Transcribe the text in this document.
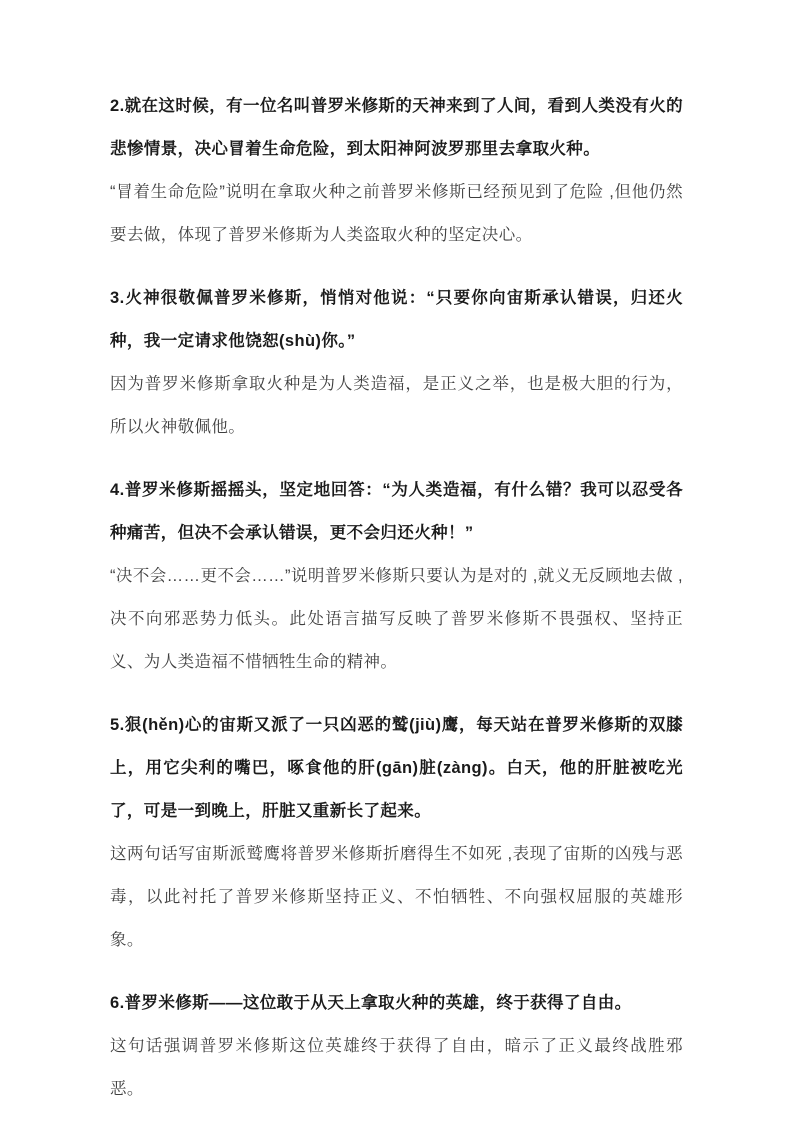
2.就在这时候，有一位名叫普罗米修斯的天神来到了人间，看到人类没有火的悲惨情景，决心冒着生命危险，到太阳神阿波罗那里去拿取火种。

“冒着生命危险”说明在拿取火种之前普罗米修斯已经预见到了危险 ,但他仍然要去做，体现了普罗米修斯为人类盗取火种的坚定决心。

3.火神很敬佩普罗米修斯，悄悄对他说：“只要你向宙斯承认错误，归还火种，我一定请求他饶恕(shù)你。”

因为普罗米修斯拿取火种是为人类造福，是正义之举，也是极大胆的行为，所以火神敬佩他。

4.普罗米修斯摇摇头，坚定地回答：“为人类造福，有什么错？我可以忍受各种痛苦，但决不会承认错误，更不会归还火种！”

“决不会……更不会……”说明普罗米修斯只要认为是对的 ,就义无反顾地去做 ,决不向邪恶势力低头。此处语言描写反映了普罗米修斯不畏强权、坚持正义、为人类造福不惜牺牲生命的精神。

5.狠(hěn)心的宙斯又派了一只凶恶的鹫(jiù)鹰，每天站在普罗米修斯的双膝上，用它尖利的嘴巴，啄食他的肝(gān)脏(zàng)。白天，他的肝脏被吃光了，可是一到晚上，肝脏又重新长了起来。

这两句话写宙斯派鹫鹰将普罗米修斯折磨得生不如死 ,表现了宙斯的凶残与恶毒，以此衬托了普罗米修斯坚持正义、不怕牺牲、不向强权屈服的英雄形象。

6.普罗米修斯——这位敢于从天上拿取火种的英雄，终于获得了自由。

这句话强调普罗米修斯这位英雄终于获得了自由，暗示了正义最终战胜邪恶。
